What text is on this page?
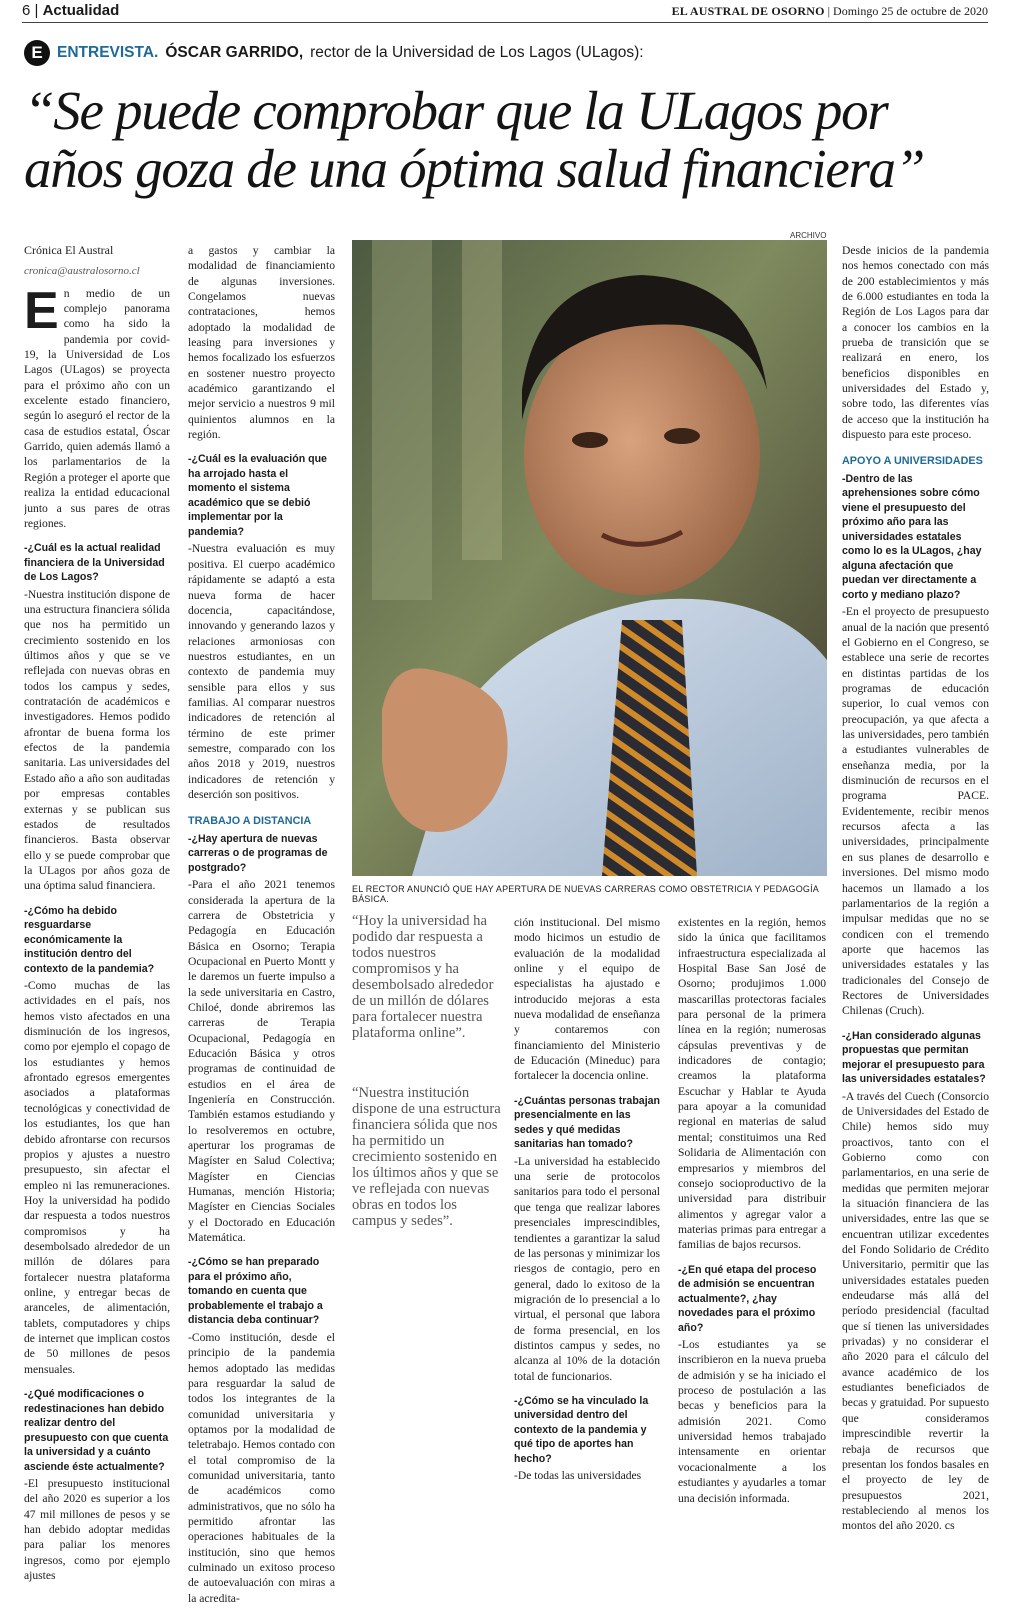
6 | Actualidad	EL AUSTRAL DE OSORNO | Domingo 25 de octubre de 2020
E ENTREVISTA. ÓSCAR GARRIDO, rector de la Universidad de Los Lagos (ULagos):
“Se puede comprobar que la ULagos por
años goza de una óptima salud financiera”

Crónica El Austral

cronica@australosorno.cl

En medio de un complejo panorama como ha sido la pandemia por covid-19, la Universidad de Los Lagos (ULagos) se proyecta para el próximo año con un excelente estado financiero, según lo aseguró el rector de la casa de estudios estatal, Óscar Garrido, quien además llamó a los parlamentarios de la Región a proteger el aporte que realiza la entidad educacional junto a sus pares de otras regiones.

-¿Cuál es la actual realidad financiera de la Universidad de Los Lagos?

-Nuestra institución dispone de una estructura financiera sólida que nos ha permitido un crecimiento sostenido en los últimos años y que se ve reflejada con nuevas obras en todos los campus y sedes, contratación de académicos e investigadores. Hemos podido afrontar de buena forma los efectos de la pandemia sanitaria. Las universidades del Estado año a año son auditadas por empresas contables externas y se publican sus estados de resultados financieros. Basta observar ello y se puede comprobar que la ULagos por años goza de una óptima salud financiera.

-¿Cómo ha debido resguardarse económicamente la institución dentro del contexto de la pandemia?

-Como muchas de las actividades en el país, nos hemos visto afectados en una disminución de los ingresos, como por ejemplo el copago de los estudiantes y hemos afrontado egresos emergentes asociados a plataformas tecnológicas y conectividad de los estudiantes, los que han debido afrontarse con recursos propios y ajustes a nuestro presupuesto, sin afectar el empleo ni las remuneraciones. Hoy la universidad ha podido dar respuesta a todos nuestros compromisos y ha desembolsado alrededor de un millón de dólares para fortalecer nuestra plataforma online, y entregar becas de aranceles, de alimentación, tablets, computadores y chips de internet que implican costos de 50 millones de pesos mensuales.

-¿Qué modificaciones o redestinaciones han debido realizar dentro del presupuesto con que cuenta la universidad y a cuánto asciende éste actualmente?

-El presupuesto institucional del año 2020 es superior a los 47 mil millones de pesos y se han debido adoptar medidas para paliar los menores ingresos, como por ejemplo ajustes

a gastos y cambiar la modalidad de financiamiento de algunas inversiones. Congelamos nuevas contrataciones, hemos adoptado la modalidad de leasing para inversiones y hemos focalizado los esfuerzos en sostener nuestro proyecto académico garantizando el mejor servicio a nuestros 9 mil quinientos alumnos en la región.

-¿Cuál es la evaluación que ha arrojado hasta el momento el sistema académico que se debió implementar por la pandemia?

-Nuestra evaluación es muy positiva. El cuerpo académico rápidamente se adaptó a esta nueva forma de hacer docencia, capacitándose, innovando y generando lazos y relaciones armoniosas con nuestros estudiantes, en un contexto de pandemia muy sensible para ellos y sus familias. Al comparar nuestros indicadores de retención al término de este primer semestre, comparado con los años 2018 y 2019, nuestros indicadores de retención y deserción son positivos.

TRABAJO A DISTANCIA

-¿Hay apertura de nuevas carreras o de programas de postgrado?

-Para el año 2021 tenemos considerada la apertura de la carrera de Obstetricia y Pedagogía en Educación Básica en Osorno; Terapia Ocupacional en Puerto Montt y le daremos un fuerte impulso a la sede universitaria en Castro, Chiloé, donde abriremos las carreras de Terapia Ocupacional, Pedagogía en Educación Básica y otros programas de continuidad de estudios en el área de Ingeniería en Construcción. También estamos estudiando y lo resolveremos en octubre, aperturar los programas de Magíster en Salud Colectiva; Magíster en Ciencias Humanas, mención Historia; Magíster en Ciencias Sociales y el Doctorado en Educación Matemática.

-¿Cómo se han preparado para el próximo año, tomando en cuenta que probablemente el trabajo a distancia deba continuar?

-Como institución, desde el principio de la pandemia hemos adoptado las medidas para resguardar la salud de todos los integrantes de la comunidad universitaria y optamos por la modalidad de teletrabajo. Hemos contado con el total compromiso de la comunidad universitaria, tanto de académicos como administrativos, que no sólo ha permitido afrontar las operaciones habituales de la institución, sino que hemos culminado un exitoso proceso de autoevaluación con miras a la acredita-

ARCHIVO
EL RECTOR ANUNCIÓ QUE HAY APERTURA DE NUEVAS CARRERAS COMO OBSTETRICIA Y PEDAGOGÍA BÁSICA.
“Hoy la universidad ha podido dar respuesta a todos nuestros compromisos y ha desembolsado alrededor de un millón de dólares para fortalecer nuestra plataforma online”.
“Nuestra institución dispone de una estructura financiera sólida que nos ha permitido un crecimiento sostenido en los últimos años y que se ve reflejada con nuevas obras en todos los campus y sedes”.

ción institucional. Del mismo modo hicimos un estudio de evaluación de la modalidad online y el equipo de especialistas ha ajustado e introducido mejoras a esta nueva modalidad de enseñanza y contaremos con financiamiento del Ministerio de Educación (Mineduc) para fortalecer la docencia online.

-¿Cuántas personas trabajan presencialmente en las sedes y qué medidas sanitarias han tomado?

-La universidad ha establecido una serie de protocolos sanitarios para todo el personal que tenga que realizar labores presenciales imprescindibles, tendientes a garantizar la salud de las personas y minimizar los riesgos de contagio, pero en general, dado lo exitoso de la migración de lo presencial a lo virtual, el personal que labora de forma presencial, en los distintos campus y sedes, no alcanza al 10% de la dotación total de funcionarios.

-¿Cómo se ha vinculado la universidad dentro del contexto de la pandemia y qué tipo de aportes han hecho?

-De todas las universidades

existentes en la región, hemos sido la única que facilitamos infraestructura especializada al Hospital Base San José de Osorno; produjimos 1.000 mascarillas protectoras faciales para personal de la primera línea en la región; numerosas cápsulas preventivas y de indicadores de contagio; creamos la plataforma Escuchar y Hablar te Ayuda para apoyar a la comunidad regional en materias de salud mental; constituimos una Red Solidaria de Alimentación con empresarios y miembros del consejo socioproductivo de la universidad para distribuir alimentos y agregar valor a materias primas para entregar a familias de bajos recursos.

-¿En qué etapa del proceso de admisión se encuentran actualmente?, ¿hay novedades para el próximo año?

-Los estudiantes ya se inscribieron en la nueva prueba de admisión y se ha iniciado el proceso de postulación a las becas y beneficios para la admisión 2021. Como universidad hemos trabajado intensamente en orientar vocacionalmente a los estudiantes y ayudarles a tomar una decisión informada.

Desde inicios de la pandemia nos hemos conectado con más de 200 establecimientos y más de 6.000 estudiantes en toda la Región de Los Lagos para dar a conocer los cambios en la prueba de transición que se realizará en enero, los beneficios disponibles en universidades del Estado y, sobre todo, las diferentes vías de acceso que la institución ha dispuesto para este proceso.

APOYO A UNIVERSIDADES

-Dentro de las aprehensiones sobre cómo viene el presupuesto del próximo año para las universidades estatales como lo es la ULagos, ¿hay alguna afectación que puedan ver directamente a corto y mediano plazo?

-En el proyecto de presupuesto anual de la nación que presentó el Gobierno en el Congreso, se establece una serie de recortes en distintas partidas de los programas de educación superior, lo cual vemos con preocupación, ya que afecta a las universidades, pero también a estudiantes vulnerables de enseñanza media, por la disminución de recursos en el programa PACE. Evidentemente, recibir menos recursos afecta a las universidades, principalmente en sus planes de desarrollo e inversiones. Del mismo modo hacemos un llamado a los parlamentarios de la región a impulsar medidas que no se condicen con el tremendo aporte que hacemos las universidades estatales y las tradicionales del Consejo de Rectores de Universidades Chilenas (Cruch).

-¿Han considerado algunas propuestas que permitan mejorar el presupuesto para las universidades estatales?

-A través del Cuech (Consorcio de Universidades del Estado de Chile) hemos sido muy proactivos, tanto con el Gobierno como con parlamentarios, en una serie de medidas que permiten mejorar la situación financiera de las universidades, entre las que se encuentran utilizar excedentes del Fondo Solidario de Crédito Universitario, permitir que las universidades estatales pueden endeudarse más allá del período presidencial (facultad que sí tienen las universidades privadas) y no considerar el año 2020 para el cálculo del avance académico de los estudiantes beneficiados de becas y gratuidad. Por supuesto que consideramos imprescindible revertir la rebaja de recursos que presentan los fondos basales en el proyecto de ley de presupuestos 2021, restableciendo al menos los montos del año 2020. cs
